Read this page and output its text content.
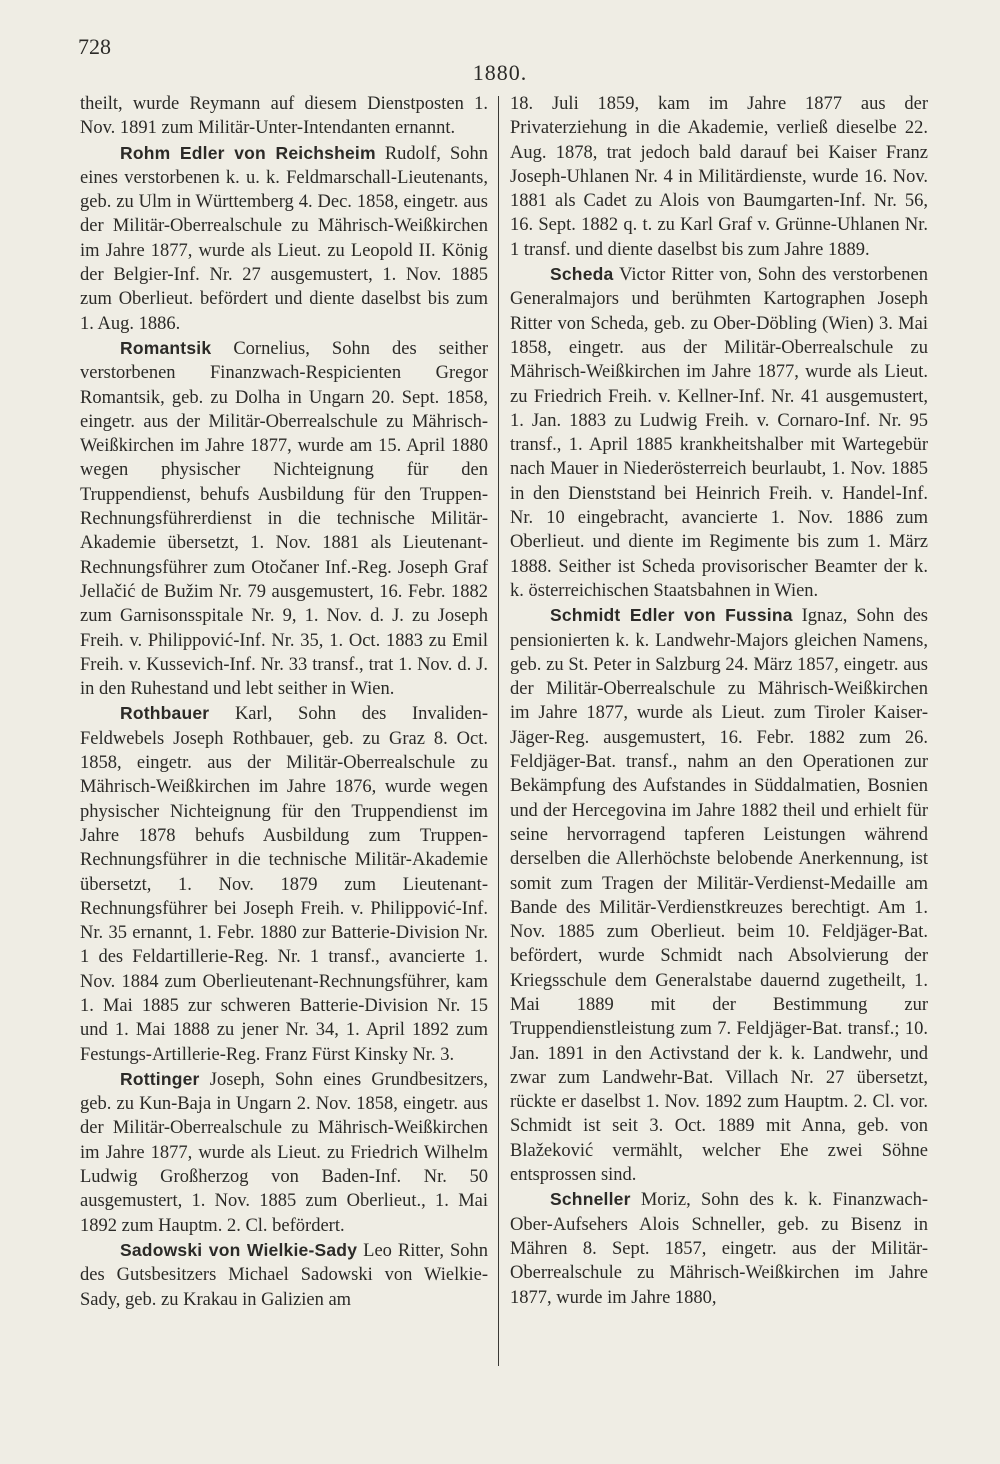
728
1880.

theilt, wurde Reymann auf diesem Dienstposten 1. Nov. 1891 zum Militär-Unter-Intendanten ernannt.

Rohm Edler von Reichsheim Rudolf, Sohn eines verstorbenen k. u. k. Feldmarschall-Lieutenants, geb. zu Ulm in Württemberg 4. Dec. 1858, eingetr. aus der Militär-Oberrealschule zu Mährisch-Weißkirchen im Jahre 1877, wurde als Lieut. zu Leopold II. König der Belgier-Inf. Nr. 27 ausgemustert, 1. Nov. 1885 zum Oberlieut. befördert und diente daselbst bis zum 1. Aug. 1886.

Romantsik Cornelius, Sohn des seither verstorbenen Finanzwach-Respicienten Gregor Romantsik, geb. zu Dolha in Ungarn 20. Sept. 1858, eingetr. aus der Militär-Oberrealschule zu Mährisch-Weißkirchen im Jahre 1877, wurde am 15. April 1880 wegen physischer Nichteignung für den Truppendienst, behufs Ausbildung für den Truppen-Rechnungsführerdienst in die technische Militär-Akademie übersetzt, 1. Nov. 1881 als Lieutenant-Rechnungsführer zum Otočaner Inf.-Reg. Joseph Graf Jellačić de Bužim Nr. 79 ausgemustert, 16. Febr. 1882 zum Garnisonsspitale Nr. 9, 1. Nov. d. J. zu Joseph Freih. v. Philippović-Inf. Nr. 35, 1. Oct. 1883 zu Emil Freih. v. Kussevich-Inf. Nr. 33 transf., trat 1. Nov. d. J. in den Ruhestand und lebt seither in Wien.

Rothbauer Karl, Sohn des Invaliden-Feldwebels Joseph Rothbauer, geb. zu Graz 8. Oct. 1858, eingetr. aus der Militär-Oberrealschule zu Mährisch-Weißkirchen im Jahre 1876, wurde wegen physischer Nichteignung für den Truppendienst im Jahre 1878 behufs Ausbildung zum Truppen-Rechnungsführer in die technische Militär-Akademie übersetzt, 1. Nov. 1879 zum Lieutenant-Rechnungsführer bei Joseph Freih. v. Philippović-Inf. Nr. 35 ernannt, 1. Febr. 1880 zur Batterie-Division Nr. 1 des Feldartillerie-Reg. Nr. 1 transf., avancierte 1. Nov. 1884 zum Oberlieutenant-Rechnungsführer, kam 1. Mai 1885 zur schweren Batterie-Division Nr. 15 und 1. Mai 1888 zu jener Nr. 34, 1. April 1892 zum Festungs-Artillerie-Reg. Franz Fürst Kinsky Nr. 3.

Rottinger Joseph, Sohn eines Grundbesitzers, geb. zu Kun-Baja in Ungarn 2. Nov. 1858, eingetr. aus der Militär-Oberrealschule zu Mährisch-Weißkirchen im Jahre 1877, wurde als Lieut. zu Friedrich Wilhelm Ludwig Großherzog von Baden-Inf. Nr. 50 ausgemustert, 1. Nov. 1885 zum Oberlieut., 1. Mai 1892 zum Hauptm. 2. Cl. befördert.

Sadowski von Wielkie-Sady Leo Ritter, Sohn des Gutsbesitzers Michael Sadowski von Wielkie-Sady, geb. zu Krakau in Galizien am

18. Juli 1859, kam im Jahre 1877 aus der Privaterziehung in die Akademie, verließ dieselbe 22. Aug. 1878, trat jedoch bald darauf bei Kaiser Franz Joseph-Uhlanen Nr. 4 in Militärdienste, wurde 16. Nov. 1881 als Cadet zu Alois von Baumgarten-Inf. Nr. 56, 16. Sept. 1882 q. t. zu Karl Graf v. Grünne-Uhlanen Nr. 1 transf. und diente daselbst bis zum Jahre 1889.

Scheda Victor Ritter von, Sohn des verstorbenen Generalmajors und berühmten Kartographen Joseph Ritter von Scheda, geb. zu Ober-Döbling (Wien) 3. Mai 1858, eingetr. aus der Militär-Oberrealschule zu Mährisch-Weißkirchen im Jahre 1877, wurde als Lieut. zu Friedrich Freih. v. Kellner-Inf. Nr. 41 ausgemustert, 1. Jan. 1883 zu Ludwig Freih. v. Cornaro-Inf. Nr. 95 transf., 1. April 1885 krankheitshalber mit Wartegebür nach Mauer in Niederösterreich beurlaubt, 1. Nov. 1885 in den Dienststand bei Heinrich Freih. v. Handel-Inf. Nr. 10 eingebracht, avancierte 1. Nov. 1886 zum Oberlieut. und diente im Regimente bis zum 1. März 1888. Seither ist Scheda provisorischer Beamter der k. k. österreichischen Staatsbahnen in Wien.

Schmidt Edler von Fussina Ignaz, Sohn des pensionierten k. k. Landwehr-Majors gleichen Namens, geb. zu St. Peter in Salzburg 24. März 1857, eingetr. aus der Militär-Oberrealschule zu Mährisch-Weißkirchen im Jahre 1877, wurde als Lieut. zum Tiroler Kaiser-Jäger-Reg. ausgemustert, 16. Febr. 1882 zum 26. Feldjäger-Bat. transf., nahm an den Operationen zur Bekämpfung des Aufstandes in Süddalmatien, Bosnien und der Hercegovina im Jahre 1882 theil und erhielt für seine hervorragend tapferen Leistungen während derselben die Allerhöchste belobende Anerkennung, ist somit zum Tragen der Militär-Verdienst-Medaille am Bande des Militär-Verdienstkreuzes berechtigt. Am 1. Nov. 1885 zum Oberlieut. beim 10. Feldjäger-Bat. befördert, wurde Schmidt nach Absolvierung der Kriegsschule dem Generalstabe dauernd zugetheilt, 1. Mai 1889 mit der Bestimmung zur Truppendienstleistung zum 7. Feldjäger-Bat. transf.; 10. Jan. 1891 in den Activstand der k. k. Landwehr, und zwar zum Landwehr-Bat. Villach Nr. 27 übersetzt, rückte er daselbst 1. Nov. 1892 zum Hauptm. 2. Cl. vor. Schmidt ist seit 3. Oct. 1889 mit Anna, geb. von Blažeković vermählt, welcher Ehe zwei Söhne entsprossen sind.

Schneller Moriz, Sohn des k. k. Finanzwach-Ober-Aufsehers Alois Schneller, geb. zu Bisenz in Mähren 8. Sept. 1857, eingetr. aus der Militär-Oberrealschule zu Mährisch-Weißkirchen im Jahre 1877, wurde im Jahre 1880,
